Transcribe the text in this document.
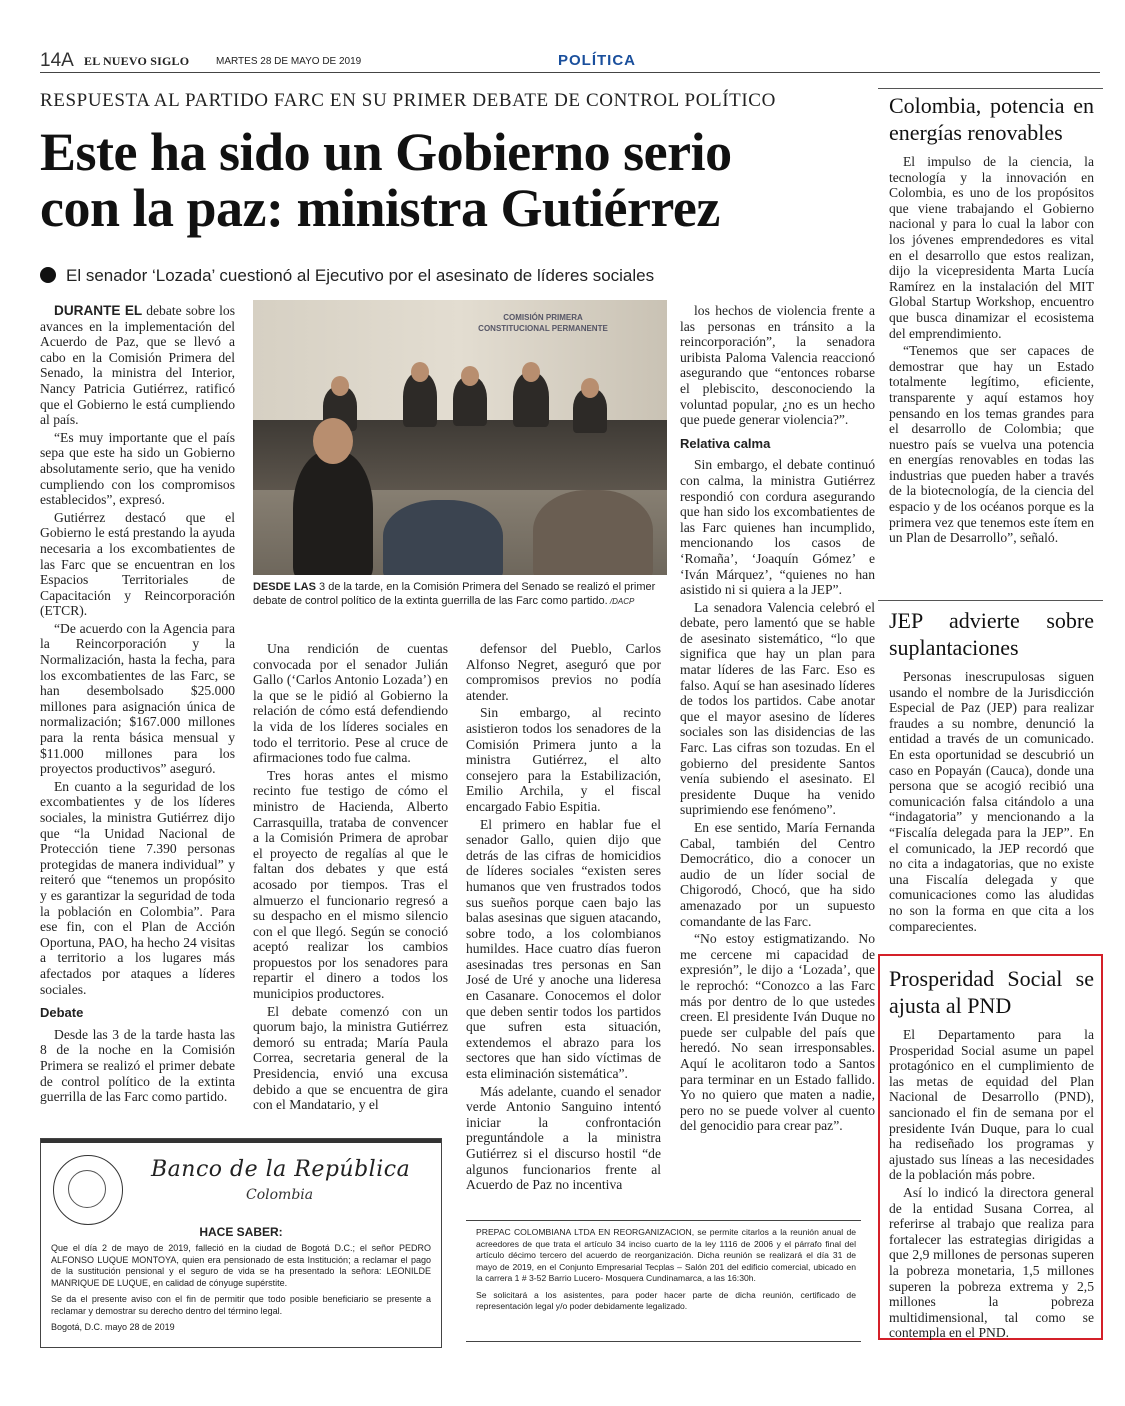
14A EL NUEVO SIGLO	MARTES 28 DE MAYO DE 2019	POLÍTICA
RESPUESTA AL PARTIDO FARC EN SU PRIMER DEBATE DE CONTROL POLÍTICO
Este ha sido un Gobierno serio
con la paz: ministra Gutiérrez
El senador ‘Lozada’ cuestionó al Ejecutivo por el asesinato de líderes sociales

DURANTE EL debate sobre los avances en la implementación del Acuerdo de Paz, que se llevó a cabo en la Comisión Primera del Senado, la ministra del Interior, Nancy Patricia Gutiérrez, ratificó que el Gobierno le está cumpliendo al país.

“Es muy importante que el país sepa que este ha sido un Gobierno absolutamente serio, que ha venido cumpliendo con los compromisos establecidos”, expresó.

Gutiérrez destacó que el Gobierno le está prestando la ayuda necesaria a los excombatientes de las Farc que se encuentran en los Espacios Territoriales de Capacitación y Reincorporación (ETCR).

“De acuerdo con la Agencia para la Reincorporación y la Normalización, hasta la fecha, para los excombatientes de las Farc, se han desembolsado $25.000 millones para asignación única de normalización; $167.000 millones para la renta básica mensual y $11.000 millones para los proyectos productivos” aseguró.

En cuanto a la seguridad de los excombatientes y de los líderes sociales, la ministra Gutiérrez dijo que “la Unidad Nacional de Protección tiene 7.390 personas protegidas de manera individual” y reiteró que “tenemos un propósito y es garantizar la seguridad de toda la población en Colombia”. Para ese fin, con el Plan de Acción Oportuna, PAO, ha hecho 24 visitas a territorio a los lugares más afectados por ataques a líderes sociales.

Debate

Desde las 3 de la tarde hasta las 8 de la noche en la Comisión Primera se realizó el primer debate de control político de la extinta guerrilla de las Farc como partido.

COMISIÓN PRIMERA CONSTITUCIONAL PERMANENTE
DESDE LAS 3 de la tarde, en la Comisión Primera del Senado se realizó el primer debate de control político de la extinta guerrilla de las Farc como partido. /DACP

Una rendición de cuentas convocada por el senador Julián Gallo (‘Carlos Antonio Lozada’) en la que se le pidió al Gobierno la relación de cómo está defendiendo la vida de los líderes sociales en todo el territorio. Pese al cruce de afirmaciones todo fue calma.

Tres horas antes el mismo recinto fue testigo de cómo el ministro de Hacienda, Alberto Carrasquilla, trataba de convencer a la Comisión Primera de aprobar el proyecto de regalías al que le faltan dos debates y que está acosado por tiempos. Tras el almuerzo el funcionario regresó a su despacho en el mismo silencio con el que llegó. Según se conoció aceptó realizar los cambios propuestos por los senadores para repartir el dinero a todos los municipios productores.

El debate comenzó con un quorum bajo, la ministra Gutiérrez demoró su entrada; María Paula Correa, secretaria general de la Presidencia, envió una excusa debido a que se encuentra de gira con el Mandatario, y el

defensor del Pueblo, Carlos Alfonso Negret, aseguró que por compromisos previos no podía atender.

Sin embargo, al recinto asistieron todos los senadores de la Comisión Primera junto a la ministra Gutiérrez, el alto consejero para la Estabilización, Emilio Archila, y el fiscal encargado Fabio Espitia.

El primero en hablar fue el senador Gallo, quien dijo que detrás de las cifras de homicidios de líderes sociales “existen seres humanos que ven frustrados todos sus sueños porque caen bajo las balas asesinas que siguen atacando, sobre todo, a los colombianos humildes. Hace cuatro días fueron asesinadas tres personas en San José de Uré y anoche una lideresa en Casanare. Conocemos el dolor que deben sentir todos los partidos que sufren esta situación, extendemos el abrazo para los sectores que han sido víctimas de esta eliminación sistemática”.

Más adelante, cuando el senador verde Antonio Sanguino intentó iniciar la confrontación preguntándole a la ministra Gutiérrez si el discurso hostil “de algunos funcionarios frente al Acuerdo de Paz no incentiva

los hechos de violencia frente a las personas en tránsito a la reincorporación”, la senadora uribista Paloma Valencia reaccionó asegurando que “entonces robarse el plebiscito, desconociendo la voluntad popular, ¿no es un hecho que puede generar violencia?”.

Relativa calma

Sin embargo, el debate continuó con calma, la ministra Gutiérrez respondió con cordura asegurando que han sido los excombatientes de las Farc quienes han incumplido, mencionando los casos de ‘Romaña’, ‘Joaquín Gómez’ e ‘Iván Márquez’, “quienes no han asistido ni si quiera a la JEP”.

La senadora Valencia celebró el debate, pero lamentó que se hable de asesinato sistemático, “lo que significa que hay un plan para matar líderes de las Farc. Eso es falso. Aquí se han asesinado líderes de todos los partidos. Cabe anotar que el mayor asesino de líderes sociales son las disidencias de las Farc. Las cifras son tozudas. En el gobierno del presidente Santos venía subiendo el asesinato. El presidente Duque ha venido suprimiendo ese fenómeno”.

En ese sentido, María Fernanda Cabal, también del Centro Democrático, dio a conocer un audio de un líder social de Chigorodó, Chocó, que ha sido amenazado por un supuesto comandante de las Farc.

“No estoy estigmatizando. No me cercene mi capacidad de expresión”, le dijo a ‘Lozada’, que le reprochó: “Conozco a las Farc más por dentro de lo que ustedes creen. El presidente Iván Duque no puede ser culpable del país que heredó. No sean irresponsables. Aquí le acolitaron todo a Santos para terminar en un Estado fallido. Yo no quiero que maten a nadie, pero no se puede volver al cuento del genocidio para crear paz”.

Colombia, potencia en energías renovables

El impulso de la ciencia, la tecnología y la innovación en Colombia, es uno de los propósitos que viene trabajando el Gobierno nacional y para lo cual la labor con los jóvenes emprendedores es vital en el desarrollo que estos realizan, dijo la vicepresidenta Marta Lucía Ramírez en la instalación del MIT Global Startup Workshop, encuentro que busca dinamizar el ecosistema del emprendimiento.

“Tenemos que ser capaces de demostrar que hay un Estado totalmente legítimo, eficiente, transparente y aquí estamos hoy pensando en los temas grandes para el desarrollo de Colombia; que nuestro país se vuelva una potencia en energías renovables en todas las industrias que pueden haber a través de la biotecnología, de la ciencia del espacio y de los océanos porque es la primera vez que tenemos este ítem en un Plan de Desarrollo”, señaló.

JEP advierte sobre suplantaciones

Personas inescrupulosas siguen usando el nombre de la Jurisdicción Especial de Paz (JEP) para realizar fraudes a su nombre, denunció la entidad a través de un comunicado. En esta oportunidad se descubrió un caso en Popayán (Cauca), donde una persona que se acogió recibió una comunicación falsa citándolo a una “indagatoria” y mencionando a la “Fiscalía delegada para la JEP”. En el comunicado, la JEP recordó que no cita a indagatorias, que no existe una Fiscalía delegada y que comunicaciones como las aludidas no son la forma en que cita a los comparecientes.

Prosperidad Social se ajusta al PND

El Departamento para la Prosperidad Social asume un papel protagónico en el cumplimiento de las metas de equidad del Plan Nacional de Desarrollo (PND), sancionado el fin de semana por el presidente Iván Duque, para lo cual ha rediseñado los programas y ajustado sus líneas a las necesidades de la población más pobre.

Así lo indicó la directora general de la entidad Susana Correa, al referirse al trabajo que realiza para fortalecer las estrategias dirigidas a que 2,9 millones de personas superen la pobreza monetaria, 1,5 millones superen la pobreza extrema y 2,5 millones la pobreza multidimensional, tal como se contempla en el PND.

Banco de la República
Colombia
HACE SABER:

Que el día 2 de mayo de 2019, falleció en la ciudad de Bogotá D.C.; el señor PEDRO ALFONSO LUQUE MONTOYA, quien era pensionado de esta Institución; a reclamar el pago de la sustitución pensional y el seguro de vida se ha presentado la señora: LEONILDE MANRIQUE DE LUQUE, en calidad de cónyuge supérstite.

Se da el presente aviso con el fin de permitir que todo posible beneficiario se presente a reclamar y demostrar su derecho dentro del término legal.

Bogotá, D.C. mayo 28 de 2019

PREPAC COLOMBIANA LTDA EN REORGANIZACION, se permite citarlos a la reunión anual de acreedores de que trata el artículo 34 inciso cuarto de la ley 1116 de 2006 y el párrafo final del artículo décimo tercero del acuerdo de reorganización. Dicha reunión se realizará el día 31 de mayo de 2019, en el Conjunto Empresarial Tecplas – Salón 201 del edificio comercial, ubicado en la carrera 1 # 3-52 Barrio Lucero- Mosquera Cundinamarca, a las 16:30h.

Se solicitará a los asistentes, para poder hacer parte de dicha reunión, certificado de representación legal y/o poder debidamente legalizado.
